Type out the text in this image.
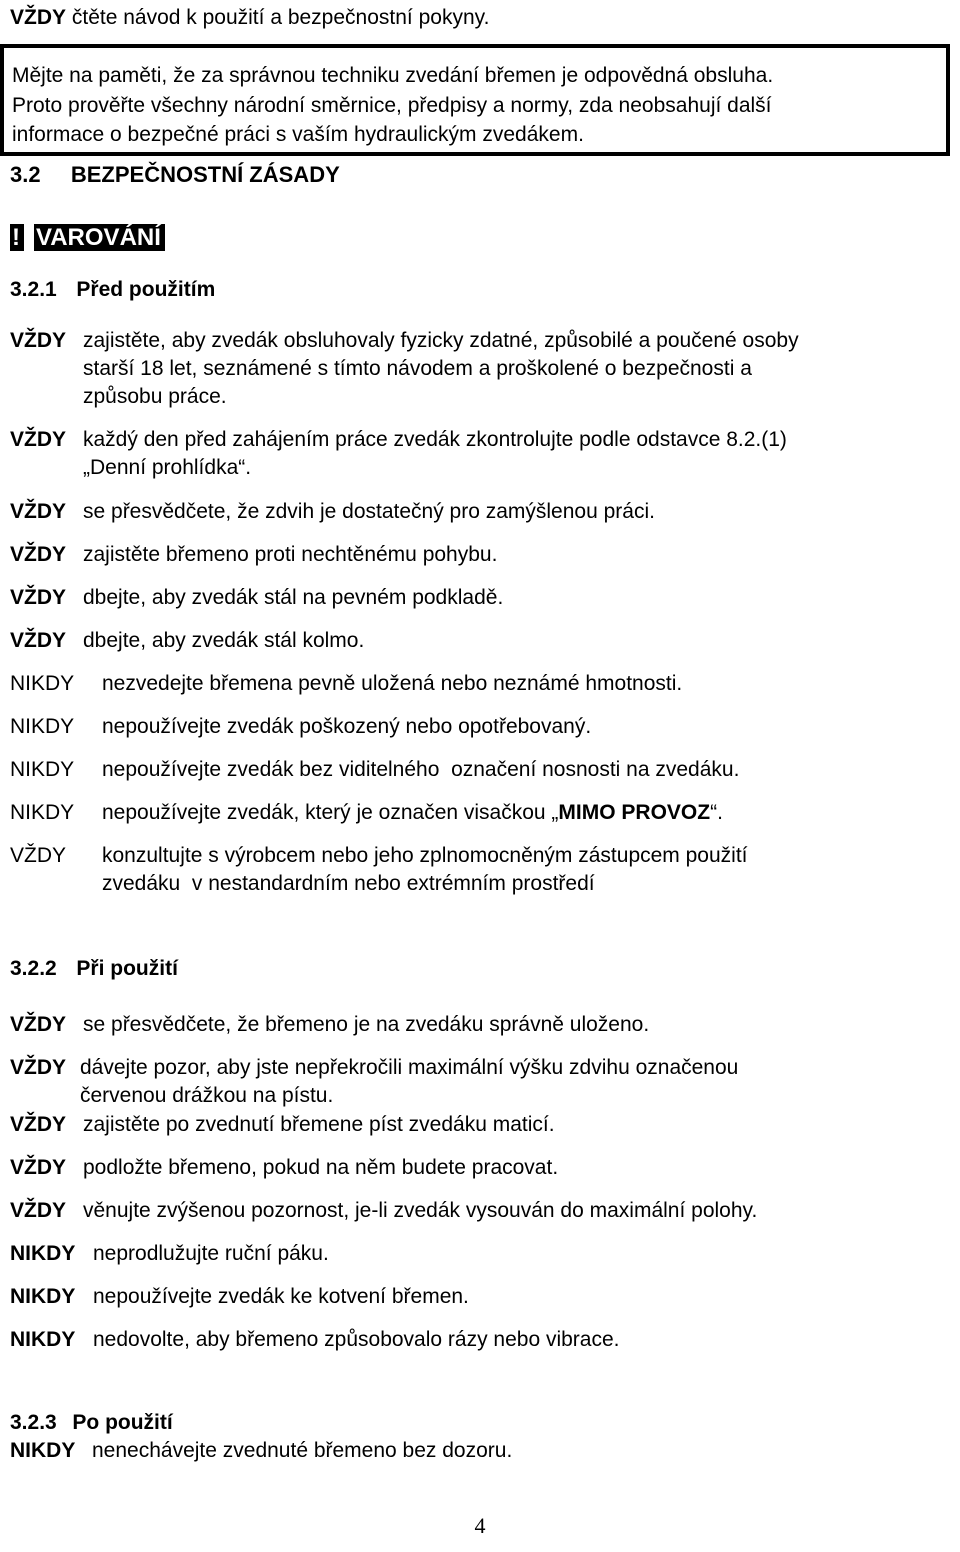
VŽDY čtěte návod k použití a bezpečnostní pokyny.
Mějte na paměti, že za správnou techniku zvedání břemen je odpovědná obsluha.
Proto prověřte všechny národní směrnice, předpisy a normy, zda neobsahují další
informace o bezpečné práci s vaším hydraulickým zvedákem.
3.2 BEZPEČNOSTNÍ ZÁSADY
! VAROVÁNÍ
3.2.1 Před použitím
VŽDY zajistěte, aby zvedák obsluhovaly fyzicky zdatné, způsobilé a poučené osoby
starší 18 let, seznámené s tímto návodem a proškolené o bezpečnosti a
způsobu práce.
VŽDY každý den před zahájením práce zvedák zkontrolujte podle odstavce 8.2.(1)
„Denní prohlídka“.
VŽDY se přesvědčete, že zdvih je dostatečný pro zamýšlenou práci.
VŽDY zajistěte břemeno proti nechtěnému pohybu.
VŽDY dbejte, aby zvedák stál na pevném podkladě.
VŽDY dbejte, aby zvedák stál kolmo.
NIKDY nezvedejte břemena pevně uložená nebo neznámé hmotnosti.
NIKDY nepoužívejte zvedák poškozený nebo opotřebovaný.
NIKDY nepoužívejte zvedák bez viditelného  označení nosnosti na zvedáku.
NIKDY nepoužívejte zvedák, který je označen visačkou „MIMO PROVOZ“.
VŽDY konzultujte s výrobcem nebo jeho zplnomocněným zástupcem použití
zvedáku  v nestandardním nebo extrémním prostředí
3.2.2 Při použití
VŽDY se přesvědčete, že břemeno je na zvedáku správně uloženo.
VŽDY dávejte pozor, aby jste nepřekročili maximální výšku zdvihu označenou
červenou drážkou na pístu.
VŽDY zajistěte po zvednutí břemene píst zvedáku maticí.
VŽDY podložte břemeno, pokud na něm budete pracovat.
VŽDY věnujte zvýšenou pozornost, je-li zvedák vysouván do maximální polohy.
NIKDY neprodlužujte ruční páku.
NIKDY nepoužívejte zvedák ke kotvení břemen.
NIKDY nedovolte, aby břemeno způsobovalo rázy nebo vibrace.
3.2.3 Po použití
NIKDY nenechávejte zvednuté břemeno bez dozoru.
4
